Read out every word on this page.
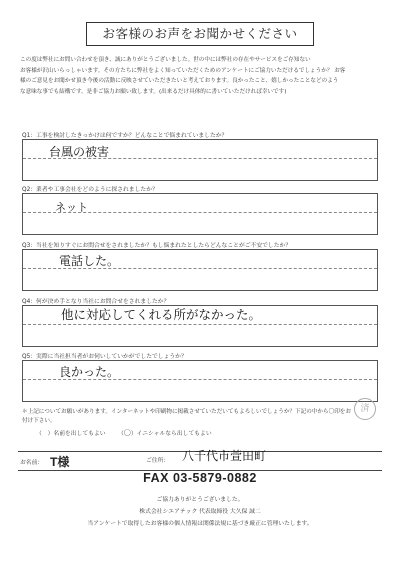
お客様のお声をお聞かせください
この度は弊社にお問い合わせを頂き、誠にありがとうございました。世の中には弊社の存在やサービスをご存知ない
お客様が沢山いらっしゃいます。その方たちに弊社をよく知っていただくためのアンケートにご協力いただけるでしょうか？ お客
様のご意見をお聞かせ頂き今後の活動に反映させていただきたいと考えております。良かったこと、嬉しかったことなどのよう
な意味な事でも結構です。是非ご協力お願い致します。(出来るだけ具体的に書いていただければ幸いです)
Q1：工事を検討したきっかけは何ですか？どんなことで悩まれていましたか？
台風の被害
Q2：業者や工事会社をどのように探されましたか？
ネット
Q3：当社を知りすぐにお問合せをされましたか？もし悩まれたとしたらどんなことがご不安でしたか？
電話した。
Q4：何が決め手となり当社にお問合せをされましたか？
他に対応してくれる所がなかった。
Q5：実際に当社担当者がお伺いしていかがでしたでしょうか？
良かった。
＊上記についてお願いがあります。インターネットや印刷物に掲載させていただいてもよろしいでしょうか？下記の中から〇印をお付け下さい。
（　）名前を出してもよい （〇）イニシャルなら出してもよい
済
お名前： T様	ご住所： 八千代市萱田町
FAX 03-5879-0882
ご協力ありがとうございました。
株式会社シエアテック 代表取締役 大久保 誠二
当アンケートで取得したお客様の個人情報は関係法規に基づき厳正に管理いたします。
